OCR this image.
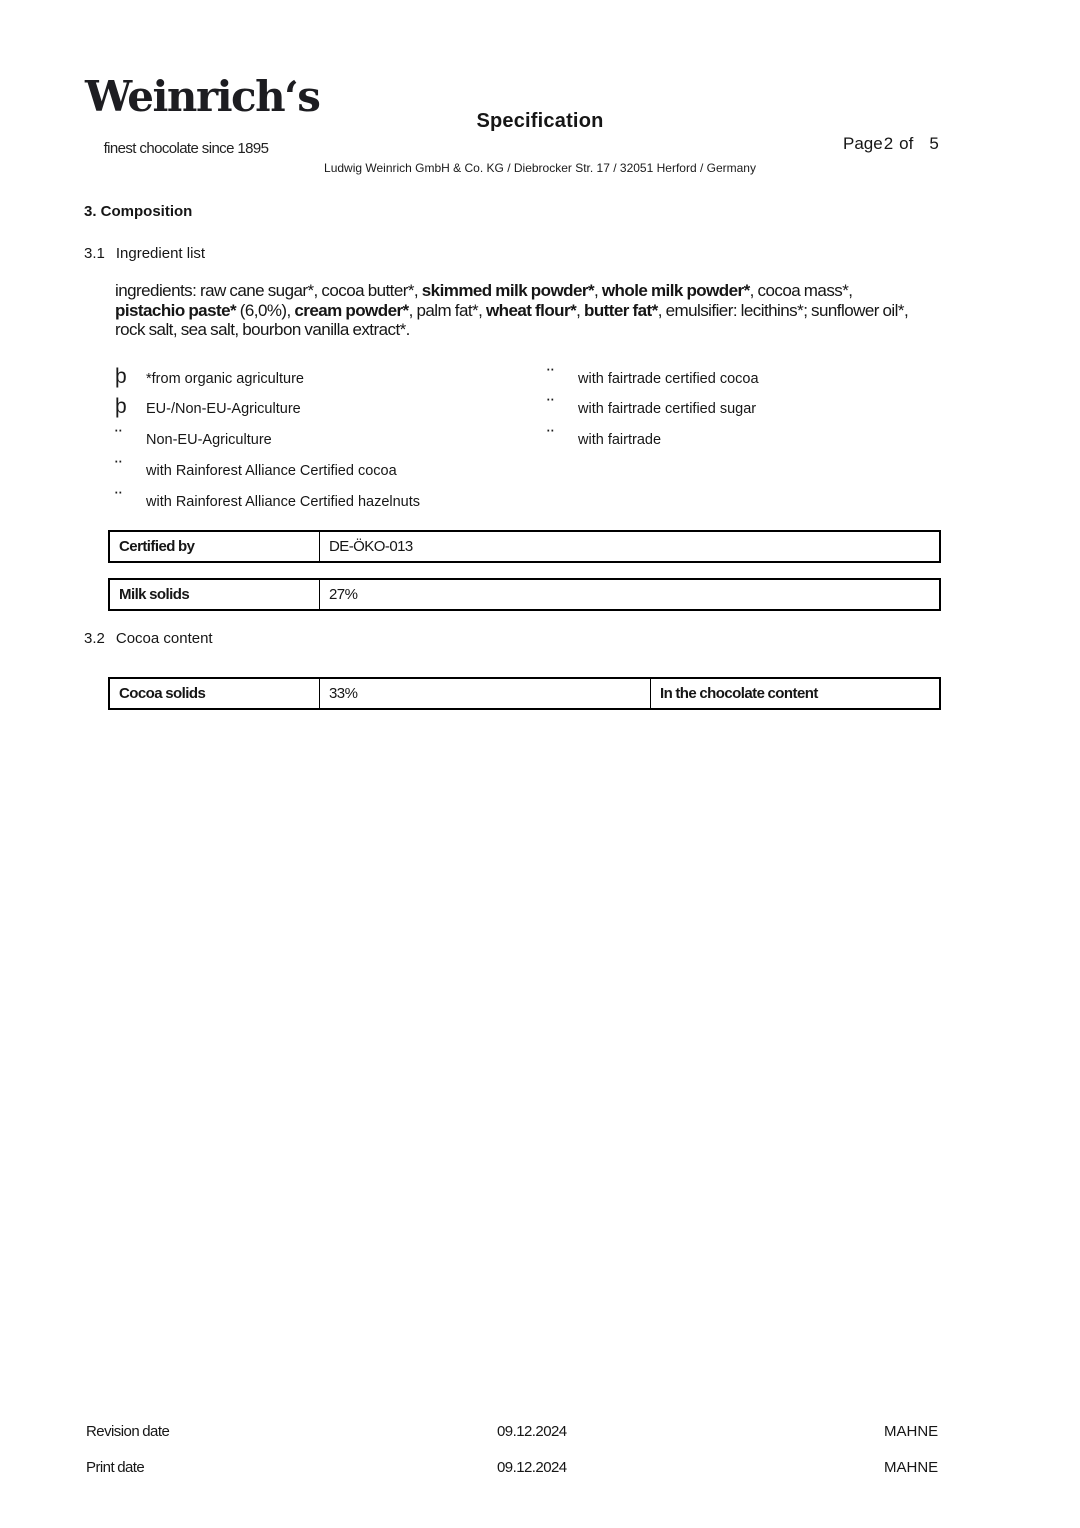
Weinrich‘s
finest chocolate since 1895
Specification
Page2 of 5
Ludwig Weinrich GmbH & Co. KG / Diebrocker Str. 17 / 32051 Herford / Germany
3. Composition
3.1 Ingredient list
ingredients: raw cane sugar*, cocoa butter*, skimmed milk powder*, whole milk powder*, cocoa mass*, pistachio paste* (6,0%), cream powder*, palm fat*, wheat flour*, butter fat*, emulsifier: lecithins*; sunflower oil*, rock salt, sea salt, bourbon vanilla extract*.
þ *from organic agriculture
þ EU-/Non-EU-Agriculture
¨ Non-EU-Agriculture
¨ with Rainforest Alliance Certified cocoa
¨ with Rainforest Alliance Certified hazelnuts
¨ with fairtrade certified cocoa
¨ with fairtrade certified sugar
¨ with fairtrade
Certified by	DE-ÖKO-013
Milk solids	27%
3.2 Cocoa content
Cocoa solids	33%	In the chocolate content
Revision date	09.12.2024	MAHNE
Print date	09.12.2024	MAHNE
